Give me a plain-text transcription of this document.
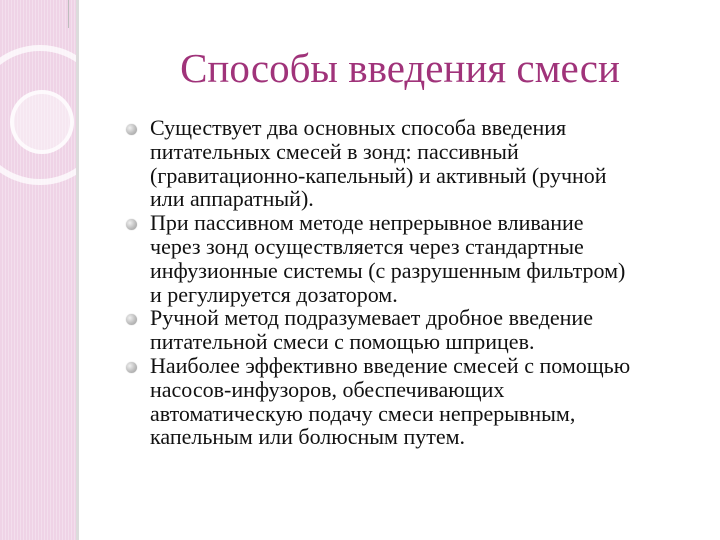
Способы введения смеси
Существует два основных способа введения
питательных смесей в зонд: пассивный
(гравитационно-капельный) и активный (ручной
или аппаратный).
При пассивном методе непрерывное вливание
через зонд осуществляется через стандартные
инфузионные системы (с разрушенным фильтром)
и регулируется дозатором.
Ручной метод подразумевает дробное введение
питательной смеси с помощью шприцев.
Наиболее эффективно введение смесей с помощью
насосов-инфузоров, обеспечивающих
автоматическую подачу смеси непрерывным,
капельным или болюсным путем.
